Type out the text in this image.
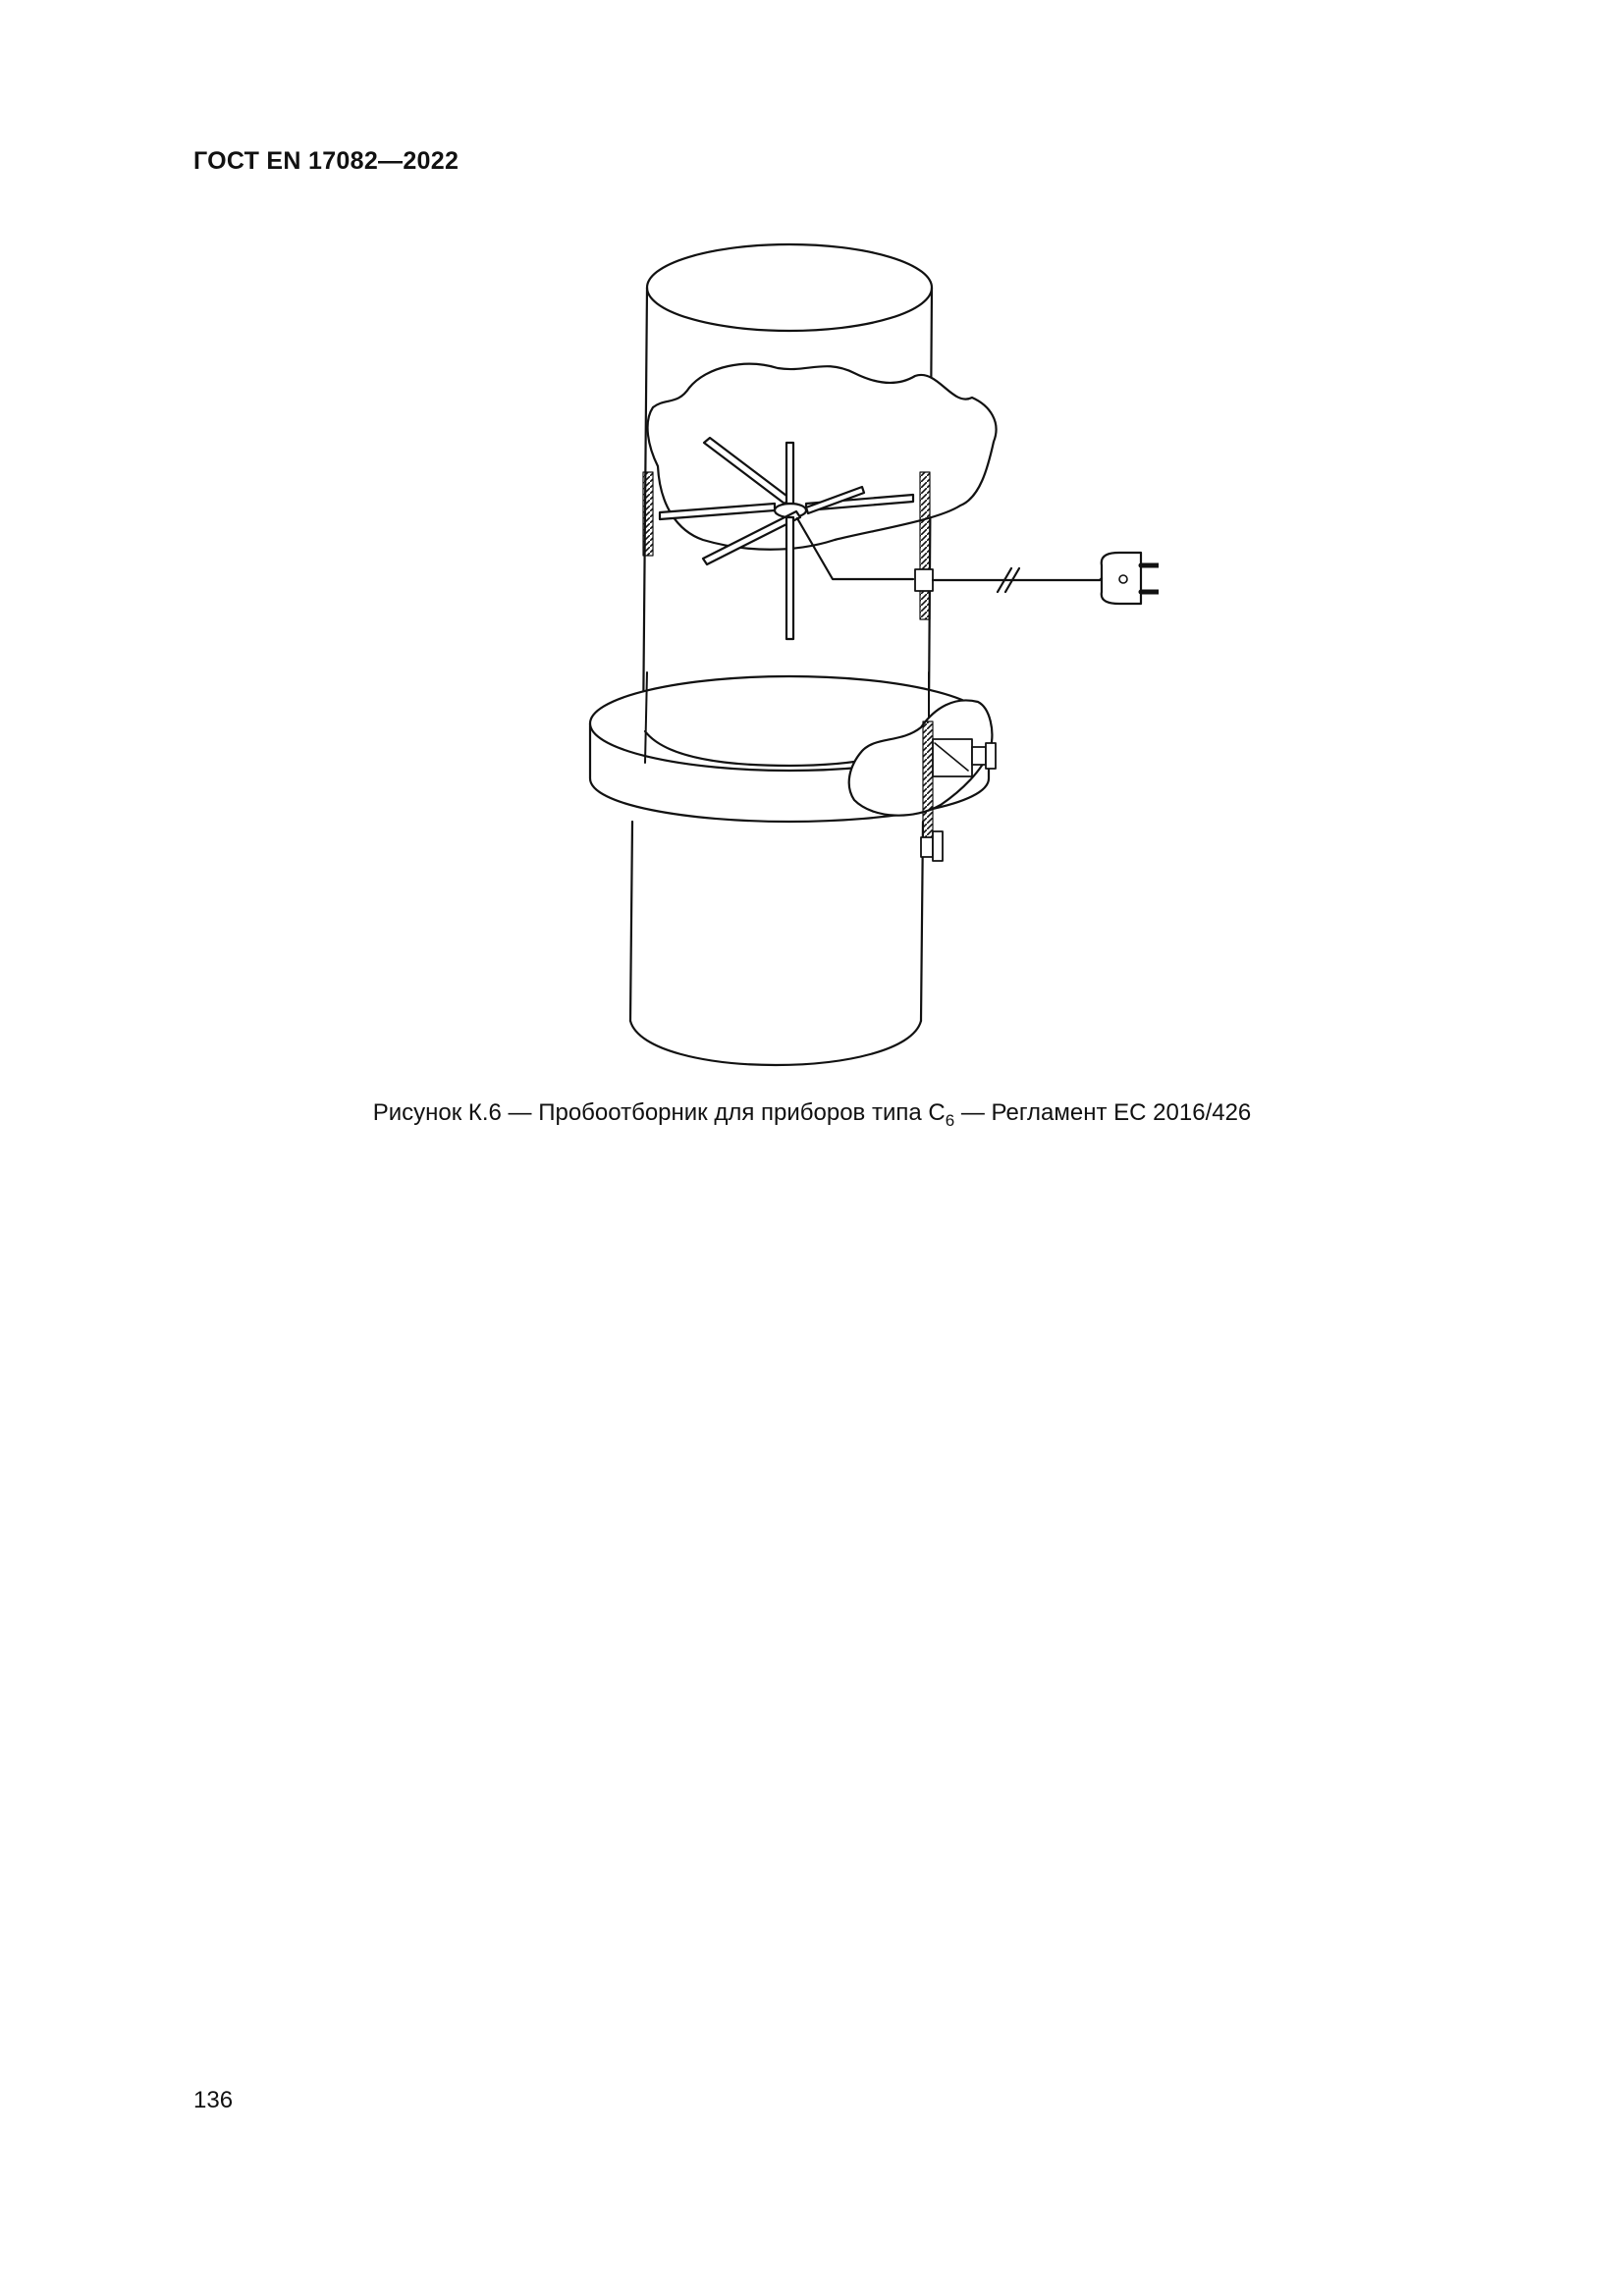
ГОСТ EN 17082—2022
Рисунок К.6 — Пробоотборник для приборов типа $С_6$ — Регламент ЕС 2016/426
136
